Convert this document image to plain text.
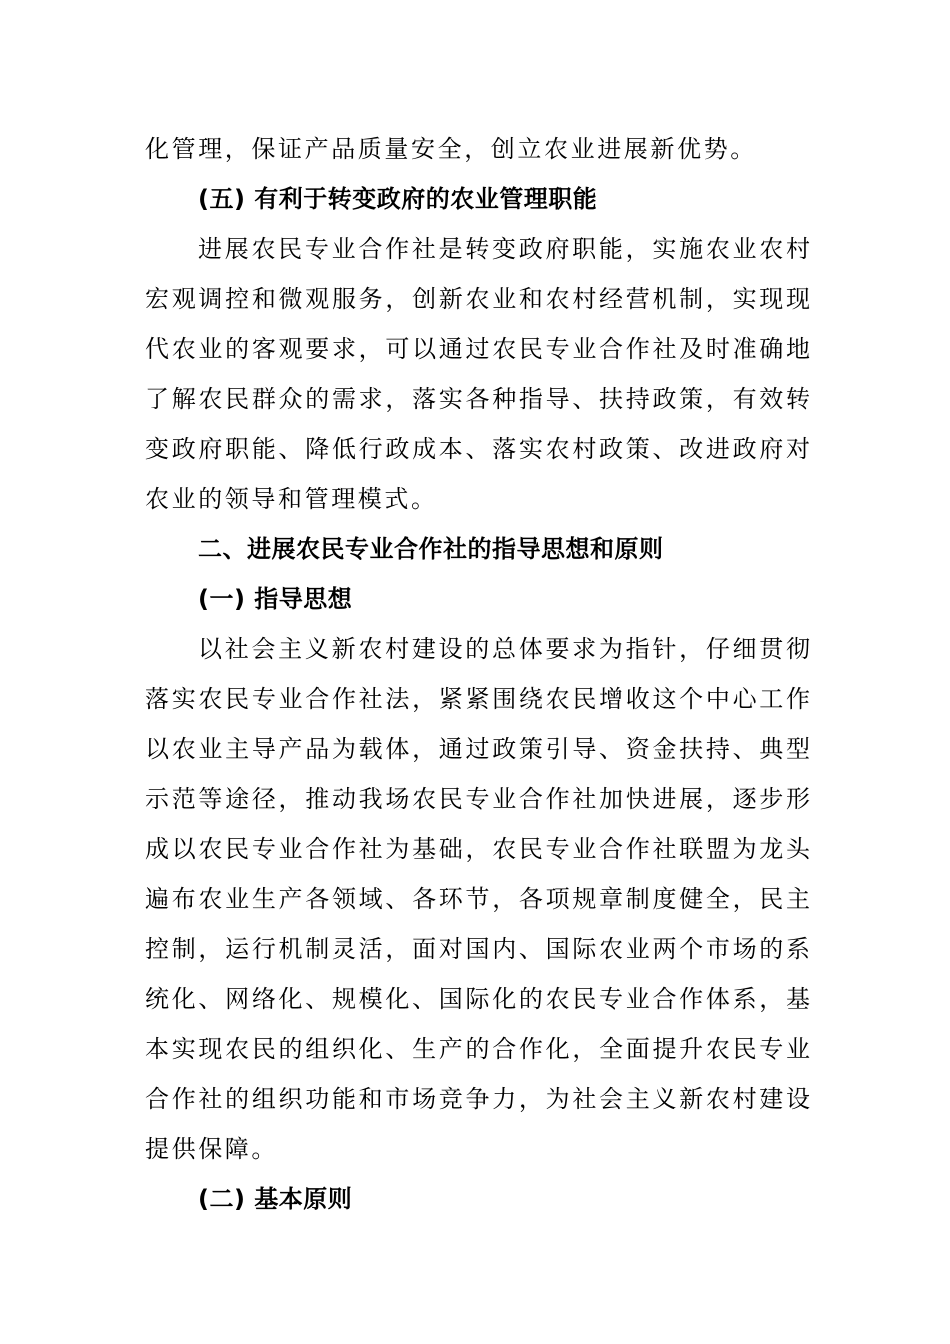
化管理，保证产品质量安全，创立农业进展新优势。
(五) 有利于转变政府的农业管理职能
进展农民专业合作社是转变政府职能，实施农业农村
宏观调控和微观服务，创新农业和农村经营机制，实现现
代农业的客观要求，可以通过农民专业合作社及时准确地
了解农民群众的需求，落实各种指导、扶持政策，有效转
变政府职能、降低行政成本、落实农村政策、改进政府对
农业的领导和管理模式。
二、进展农民专业合作社的指导思想和原则
(一) 指导思想
以社会主义新农村建设的总体要求为指针，仔细贯彻
落实农民专业合作社法，紧紧围绕农民增收这个中心工作
以农业主导产品为载体，通过政策引导、资金扶持、典型
示范等途径，推动我场农民专业合作社加快进展，逐步形
成以农民专业合作社为基础，农民专业合作社联盟为龙头
遍布农业生产各领域、各环节，各项规章制度健全，民主
控制，运行机制灵活，面对国内、国际农业两个市场的系
统化、网络化、规模化、国际化的农民专业合作体系，基
本实现农民的组织化、生产的合作化，全面提升农民专业
合作社的组织功能和市场竞争力，为社会主义新农村建设
提供保障。
(二) 基本原则
